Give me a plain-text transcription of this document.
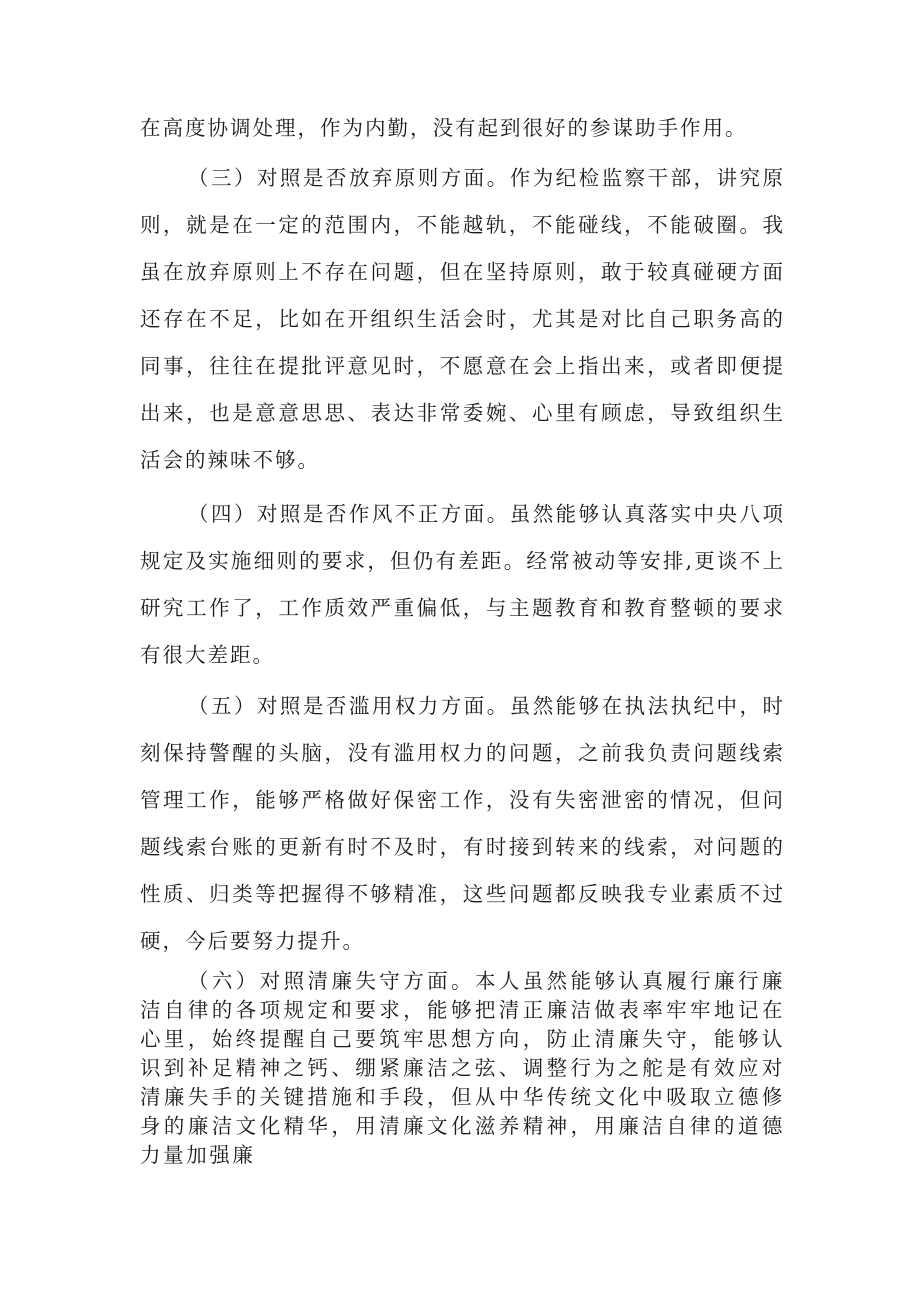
在高度协调处理，作为内勤，没有起到很好的参谋助手作用。

（三）对照是否放弃原则方面。作为纪检监察干部，讲究原则，就是在一定的范围内，不能越轨，不能碰线，不能破圈。我虽在放弃原则上不存在问题，但在坚持原则，敢于较真碰硬方面还存在不足，比如在开组织生活会时，尤其是对比自己职务高的同事，往往在提批评意见时，不愿意在会上指出来，或者即便提出来，也是意意思思、表达非常委婉、心里有顾虑，导致组织生活会的辣味不够。

（四）对照是否作风不正方面。虽然能够认真落实中央八项规定及实施细则的要求，但仍有差距。经常被动等安排,更谈不上研究工作了，工作质效严重偏低，与主题教育和教育整顿的要求有很大差距。

（五）对照是否滥用权力方面。虽然能够在执法执纪中，时刻保持警醒的头脑，没有滥用权力的问题，之前我负责问题线索管理工作，能够严格做好保密工作，没有失密泄密的情况，但问题线索台账的更新有时不及时，有时接到转来的线索，对问题的性质、归类等把握得不够精准，这些问题都反映我专业素质不过硬，今后要努力提升。

（六）对照清廉失守方面。本人虽然能够认真履行廉行廉洁自律的各项规定和要求，能够把清正廉洁做表率牢牢地记在心里，始终提醒自己要筑牢思想方向，防止清廉失守，能够认识到补足精神之钙、绷紧廉洁之弦、调整行为之舵是有效应对清廉失手的关键措施和手段，但从中华传统文化中吸取立德修身的廉洁文化精华，用清廉文化滋养精神，用廉洁自律的道德力量加强廉
